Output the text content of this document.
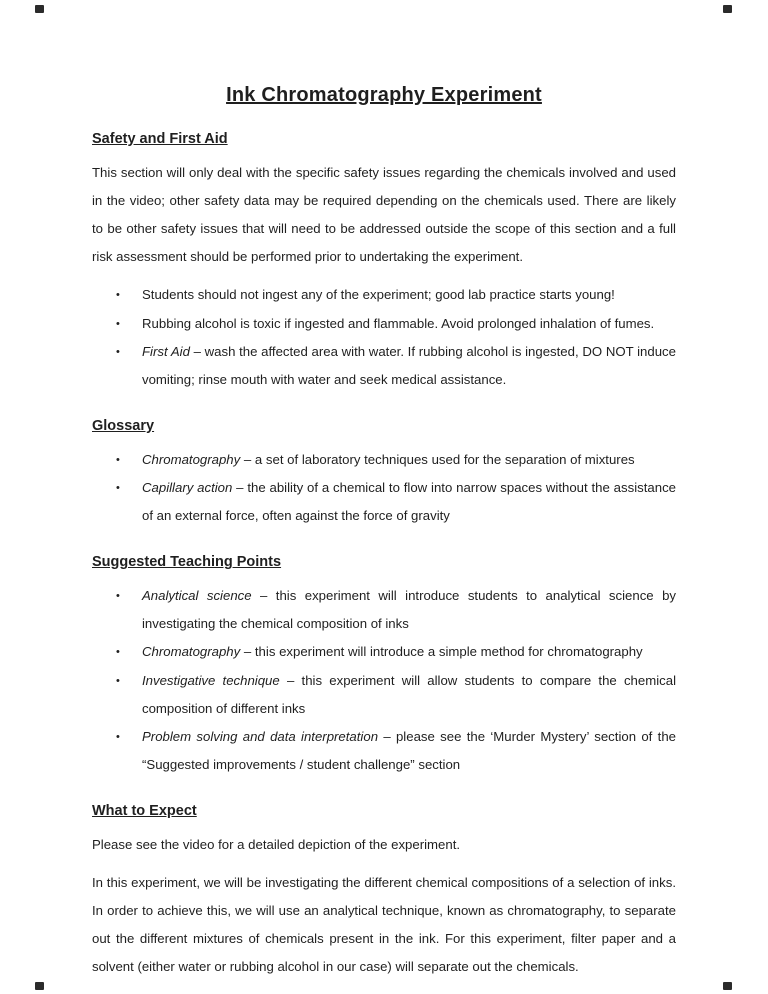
Ink Chromatography Experiment
Safety and First Aid

This section will only deal with the specific safety issues regarding the chemicals involved and used in the video; other safety data may be required depending on the chemicals used. There are likely to be other safety issues that will need to be addressed outside the scope of this section and a full risk assessment should be performed prior to undertaking the experiment.

• Students should not ingest any of the experiment; good lab practice starts young!
• Rubbing alcohol is toxic if ingested and flammable. Avoid prolonged inhalation of fumes.
• First Aid – wash the affected area with water. If rubbing alcohol is ingested, DO NOT induce vomiting; rinse mouth with water and seek medical assistance.
Glossary
• Chromatography – a set of laboratory techniques used for the separation of mixtures
• Capillary action – the ability of a chemical to flow into narrow spaces without the assistance of an external force, often against the force of gravity
Suggested Teaching Points
• Analytical science – this experiment will introduce students to analytical science by investigating the chemical composition of inks
• Chromatography – this experiment will introduce a simple method for chromatography
• Investigative technique – this experiment will allow students to compare the chemical composition of different inks
• Problem solving and data interpretation – please see the ‘Murder Mystery’ section of the “Suggested improvements / student challenge” section
What to Expect

Please see the video for a detailed depiction of the experiment.

In this experiment, we will be investigating the different chemical compositions of a selection of inks. In order to achieve this, we will use an analytical technique, known as chromatography, to separate out the different mixtures of chemicals present in the ink. For this experiment, filter paper and a solvent (either water or rubbing alcohol in our case) will separate out the chemicals.
